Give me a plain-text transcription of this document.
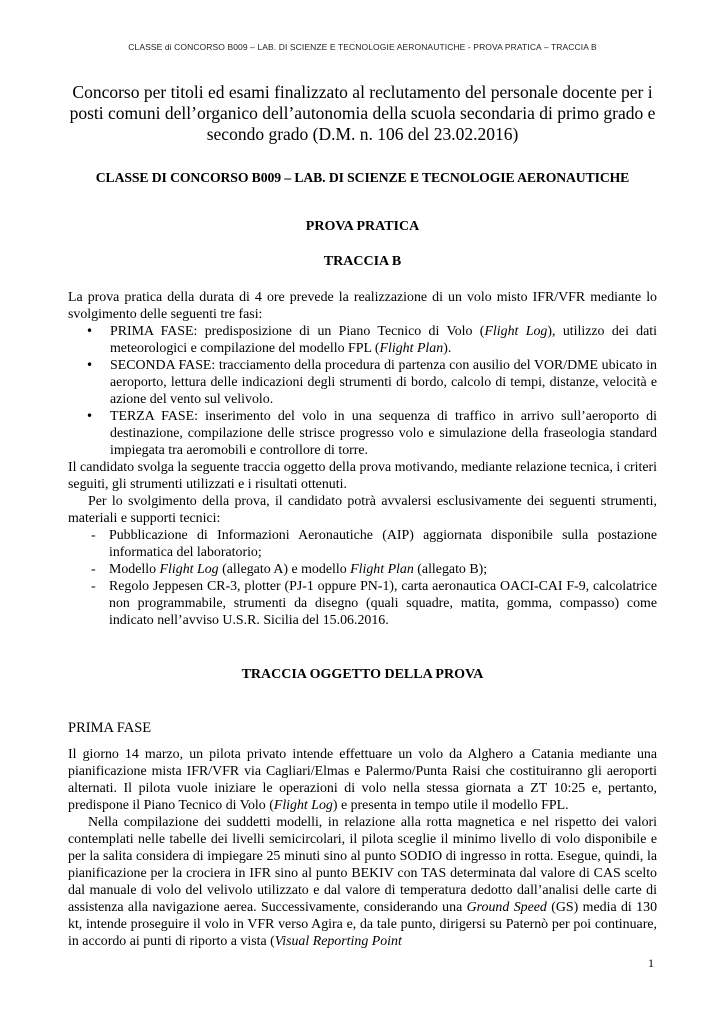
CLASSE di CONCORSO B009 – LAB. DI SCIENZE E TECNOLOGIE AERONAUTICHE - PROVA PRATICA – TRACCIA B
Concorso per titoli ed esami finalizzato al reclutamento del personale docente per i posti comuni dell’organico dell’autonomia della scuola secondaria di primo grado e secondo grado (D.M. n. 106 del 23.02.2016)
CLASSE DI CONCORSO B009 – LAB. DI SCIENZE E TECNOLOGIE AERONAUTICHE
PROVA PRATICA
TRACCIA B

La prova pratica della durata di 4 ore prevede la realizzazione di un volo misto IFR/VFR mediante lo svolgimento delle seguenti tre fasi:

• PRIMA FASE: predisposizione di un Piano Tecnico di Volo (Flight Log), utilizzo dei dati meteorologici e compilazione del modello FPL (Flight Plan).
• SECONDA FASE: tracciamento della procedura di partenza con ausilio del VOR/DME ubicato in aeroporto, lettura delle indicazioni degli strumenti di bordo, calcolo di tempi, distanze, velocità e azione del vento sul velivolo.
• TERZA FASE: inserimento del volo in una sequenza di traffico in arrivo sull’aeroporto di destinazione, compilazione delle strisce progresso volo e simulazione della fraseologia standard impiegata tra aeromobili e controllore di torre.

Il candidato svolga la seguente traccia oggetto della prova motivando, mediante relazione tecnica, i criteri seguiti, gli strumenti utilizzati e i risultati ottenuti.

Per lo svolgimento della prova, il candidato potrà avvalersi esclusivamente dei seguenti strumenti, materiali e supporti tecnici:

- Pubblicazione di Informazioni Aeronautiche (AIP) aggiornata disponibile sulla postazione informatica del laboratorio;
- Modello Flight Log (allegato A) e modello Flight Plan (allegato B);
- Regolo Jeppesen CR-3, plotter (PJ-1 oppure PN-1), carta aeronautica OACI-CAI F-9, calcolatrice non programmabile, strumenti da disegno (quali squadre, matita, gomma, compasso) come indicato nell’avviso U.S.R. Sicilia del 15.06.2016.
TRACCIA OGGETTO DELLA PROVA
PRIMA FASE

Il giorno 14 marzo, un pilota privato intende effettuare un volo da Alghero a Catania mediante una pianificazione mista IFR/VFR via Cagliari/Elmas e Palermo/Punta Raisi che costituiranno gli aeroporti alternati. Il pilota vuole iniziare le operazioni di volo nella stessa giornata a ZT 10:25 e, pertanto, predispone il Piano Tecnico di Volo (Flight Log) e presenta in tempo utile il modello FPL.

Nella compilazione dei suddetti modelli, in relazione alla rotta magnetica e nel rispetto dei valori contemplati nelle tabelle dei livelli semicircolari, il pilota sceglie il minimo livello di volo disponibile e per la salita considera di impiegare 25 minuti sino al punto SODIO di ingresso in rotta. Esegue, quindi, la pianificazione per la crociera in IFR sino al punto BEKIV con TAS determinata dal valore di CAS scelto dal manuale di volo del velivolo utilizzato e dal valore di temperatura dedotto dall’analisi delle carte di assistenza alla navigazione aerea. Successivamente, considerando una Ground Speed (GS) media di 130 kt, intende proseguire il volo in VFR verso Agira e, da tale punto, dirigersi su Paternò per poi continuare, in accordo ai punti di riporto a vista (Visual Reporting Point

1
